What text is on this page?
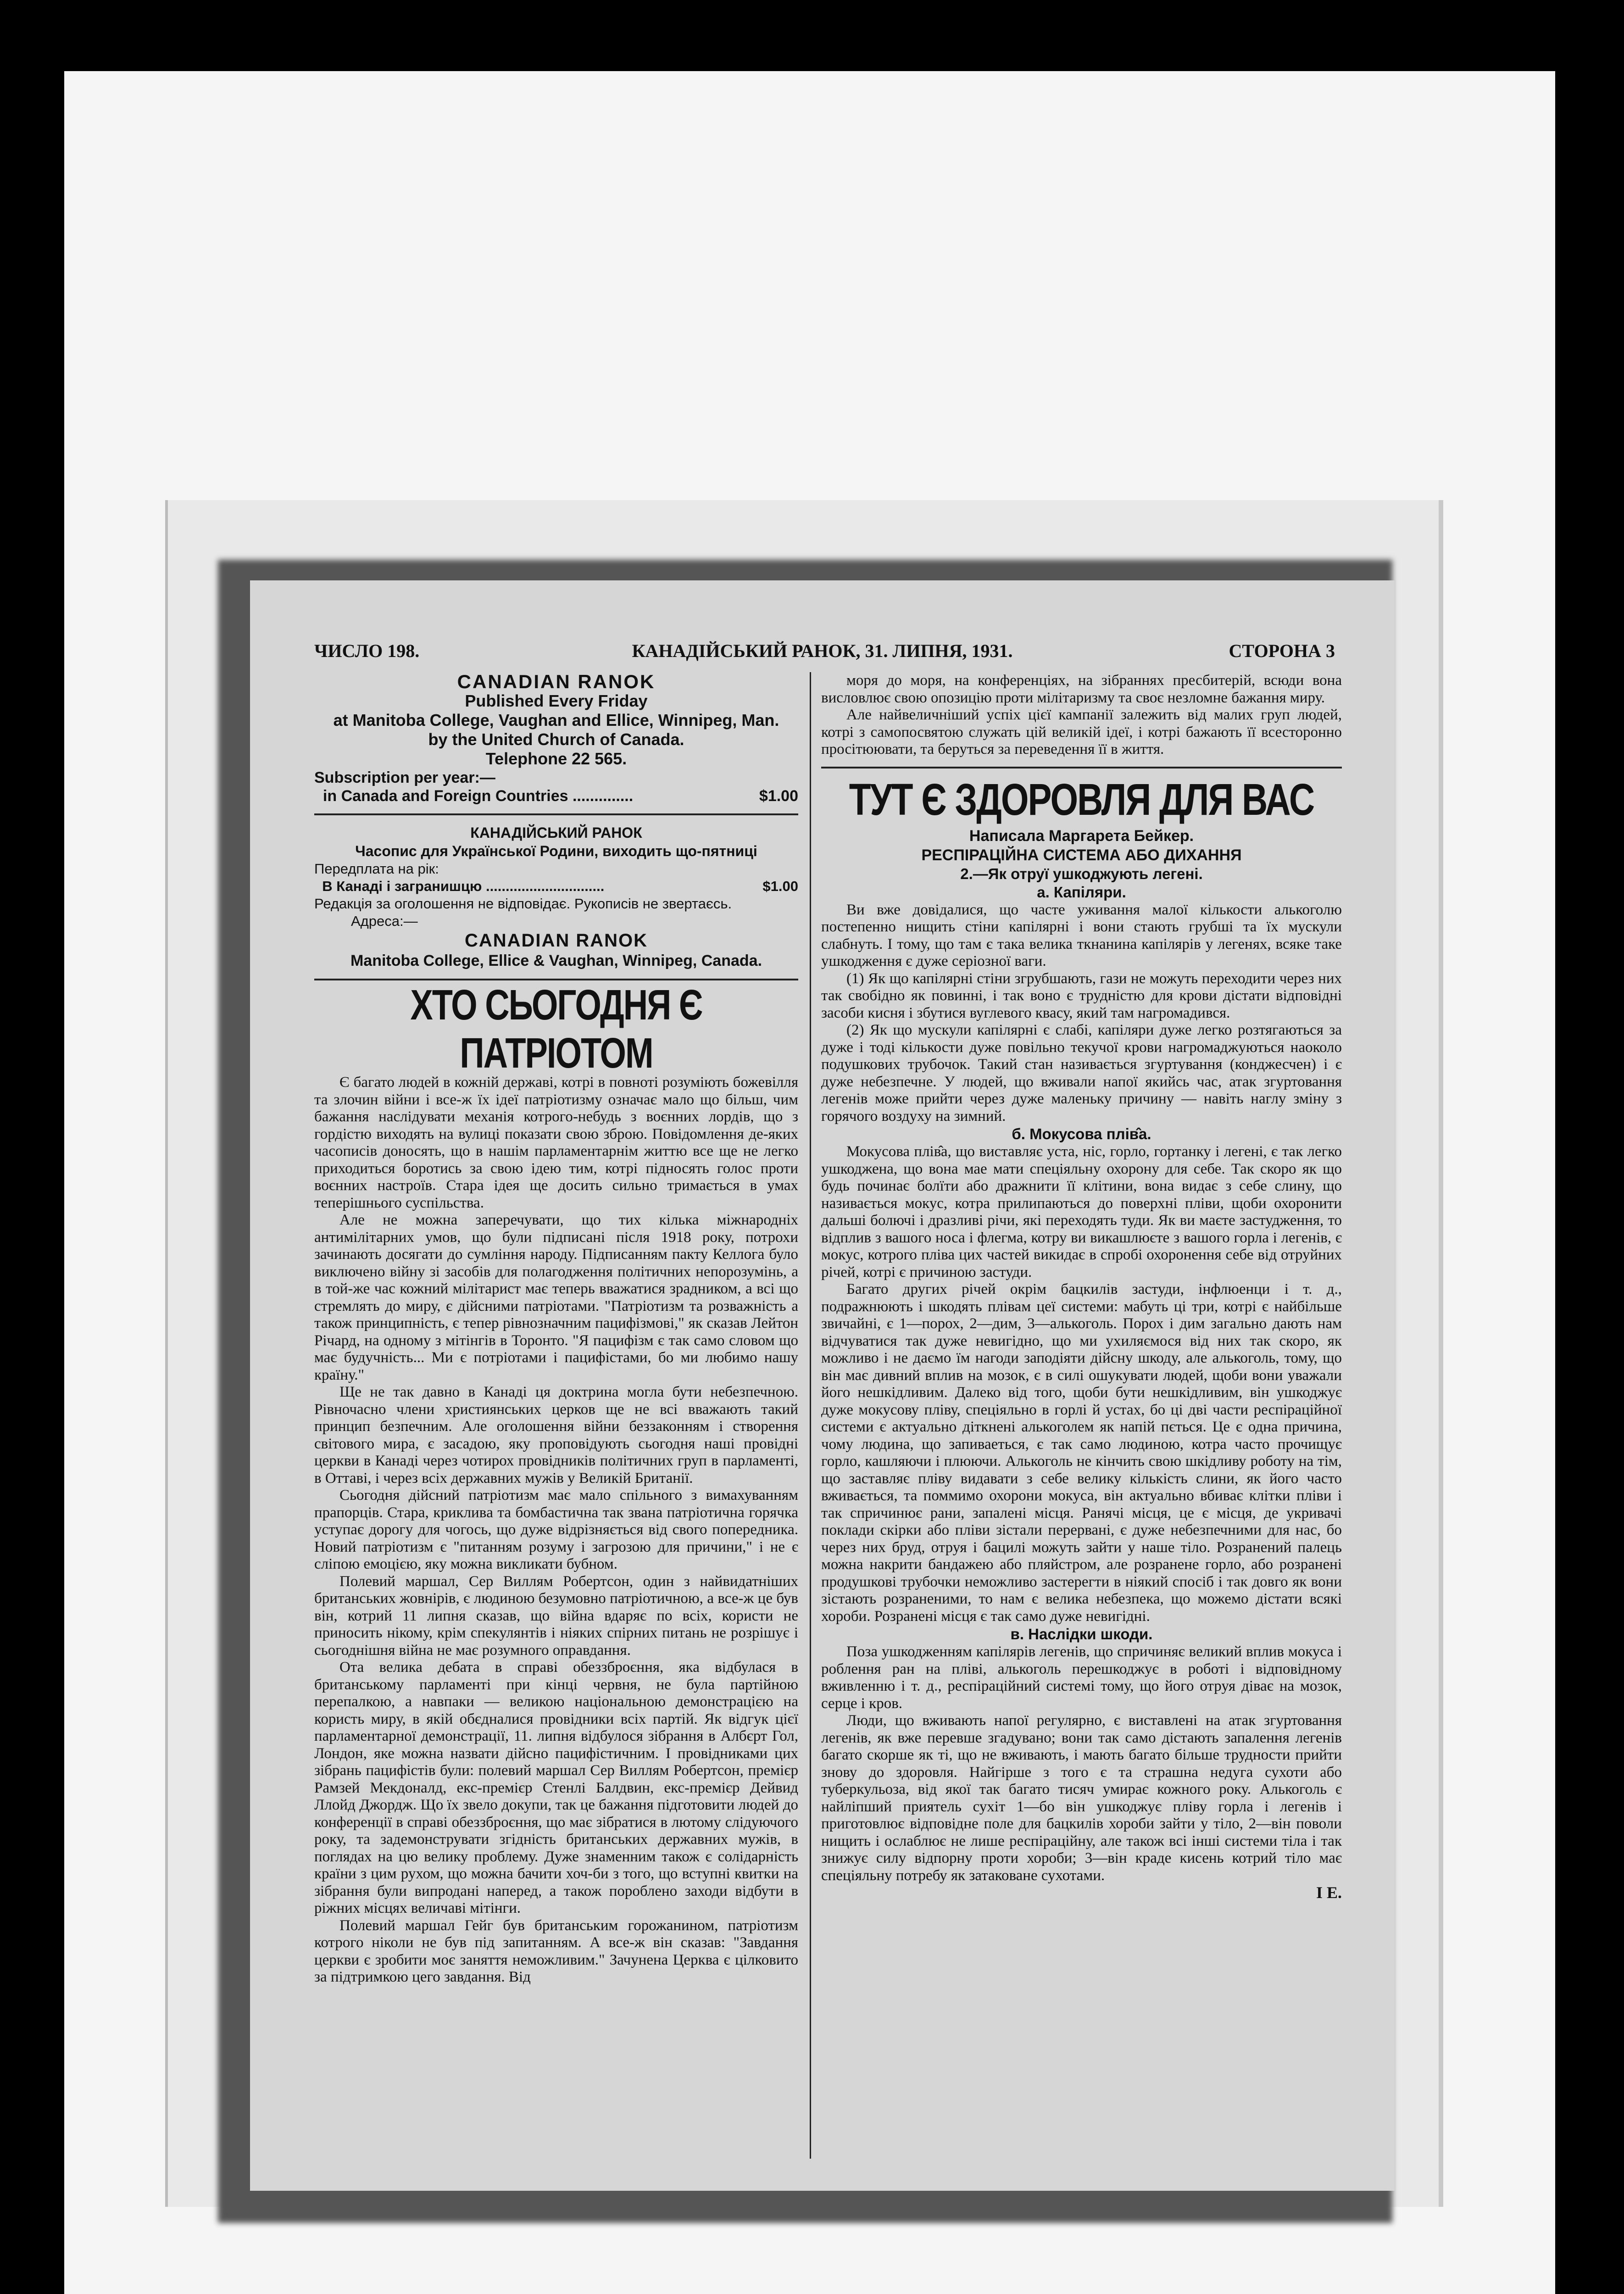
ЧИСЛО 198.	КАНАДІЙСЬКИЙ РАНОК, 31. ЛИПНЯ, 1931.	СТОРОНА 3
CANADIAN RANOK
Published Every Friday
at Manitoba College, Vaughan and Ellice, Winnipeg, Man.
by the United Church of Canada.
Telephone 22 565.
Subscription per year:—
in Canada and Foreign Countries ..............	$1.00
КАНАДІЙСЬКИЙ РАНОК
Часопис для Української Родини, виходить що-пятниці
Передплата на рік:
В Канаді і загранишцю ..............................	$1.00
Редакція за оголошення не відповідає. Рукописів не звертаєсь.
Адреса:—
CANADIAN RANOK
Manitoba College, Ellice & Vaughan, Winnipeg, Canada.
ХТО СЬОГОДНЯ Є ПАТРІОТОМ

Є багато людей в кожній державі, котрі в повноті розуміють божевілля та злочин війни і все-ж їх ідеї патріотизму означає мало що більш, чим бажання наслідувати механія котрого-небудь з воєнних лордів, що з гордістю виходять на вулиці показати свою зброю. Повідомлення де-яких часописів доносять, що в нашім парламентарнім життю все ще не легко приходиться боротись за свою ідею тим, котрі підносять голос проти воєнних настроїв. Стара ідея ще досить сильно тримається в умах теперішнього суспільства.

Але не можна заперечувати, що тих кілька міжнародніх антимілітарних умов, що були підписані після 1918 року, потрохи зачинають досягати до сумління народу. Підписанням пакту Келлога було виключено війну зі засобів для полагодження політичних непорозумінь, а в той-же час кожний мілітарист має теперь вважатися зрадником, а всі що стремлять до миру, є дійсними патріотами. "Патріотизм та розважність а також принципність, є тепер рівнозначним пацифізмові," як сказав Лейтон Річард, на одному з мітінгів в Торонто. "Я пацифізм є так само словом що має будучність... Ми є потріотами і пацифістами, бо ми любимо нашу країну."

Ще не так давно в Канаді ця доктрина могла бути небезпечною. Рівночасно члени християнських церков ще не всі вважають такий принцип безпечним. Але оголошення війни беззаконням і створення світового мира, є засадою, яку проповідують сьогодня наші провідні церкви в Канаді через чотирох провідників політичних груп в парламенті, в Оттаві, і через всіх державних мужів у Великій Британії.

Сьогодня дійсний патріотизм має мало спільного з вимахуванням прапорців. Стара, крикливa та бомбастична так звана патріотична горячка уступає дорогу для чогось, що дуже відрізняється від свого попередника. Новий патріотизм є "питанням розуму і загрозою для причини," і не є сліпою емоцією, яку можна викликати бубном.

Полевий маршал, Сер Виллям Робертсон, один з найвидатніших британських жовнірів, є людиною безумовно патріотичною, а все-ж це був він, котрий 11 липня сказав, що війна вдаряє по всіх, користи не приносить нікому, крім спекулянтів і ніяких спірних питань не розрішує і сьогоднішня війна не має розумного оправдання.

Ота велика дебата в справі обеззброєння, яка відбулася в британському парламенті при кінці червня, не була партійною перепалкою, а навпаки — великою національною демонстрацією на користь миру, в якій обєдналися провідники всіх партій. Як відгук цієї парламентарної демонстрації, 11. липня відбулося зібрання в Албєрт Гол, Лондон, яке можна назвати дійсно пацифістичним. І провідниками цих зібрань пацифістів були: полевий маршал Сер Виллям Робертсон, премієр Рамзей Мекдоналд, екс-премієр Стенлі Балдвин, екс-премієр Дейвид Ллойд Джордж. Що їх звело докупи, так це бажання підготовити людей до конференції в справі обеззброєння, що має зібратися в лютому слідуючого року, та задемонструвати згідність британських державних мужів, в поглядах на цю велику проблему. Дуже знаменним також є солідарність країни з цим рухом, що можна бачити хоч-би з того, що вступні квитки на зібрання були випродані наперед, а також пороблено заходи відбути в ріжних місцях величаві мітінги.

Полевий маршал Гейг був британським горожанином, патріотизм котрого ніколи не був під запитанням. А все-ж він сказав: "Завдання церкви є зробити моє заняття неможливим." Зачунена Церква є цілковито за підтримкою цего завдання. Від

моря до моря, на конференціях, на зібраннях пресбитерій, всюди вона висловлює свою опозицію проти мілітаризму та своє незломне бажання миру.

Але найвеличніший успіх цієї кампанії залежить від малих груп людей, котрі з самопосвятою служать цій великій ідеї, і котрі бажають її всесторонно просітюювати, та беруться за переведення її в життя.

ТУТ Є ЗДОРОВЛЯ ДЛЯ ВАС
Написала Маргарета Бейкер.
РЕСПІРАЦІЙНА СИСТЕМА АБО ДИХАННЯ
2.—Як отруї ушкоджують легені.
а. Капіляри.

Ви вже довідалися, що часте уживання малої кількости алькоголю постепенно нищить стіни капілярні і вони стають грубші та їх мускули слабнуть. І тому, що там є така велика ткнанина капілярів у легенях, всяке таке ушкодження є дуже серіозної ваги.

(1) Як що капілярні стіни згрубшають, гази не можуть переходити через них так свобідно як повинні, і так воно є трудністю для крови дістати відповідні засоби кисня і збутися вуглевого квасу, який там нагромадився.

(2) Як що мускули капілярні є слабі, капіляри дуже легко розтягаються за дуже і тоді кількости дуже повільно текучої крови нагромаджуються наоколо подушкових трубочок. Такий стан називається згуртування (конджесчен) і є дуже небезпечне. У людей, що вживали напої якийсь час, атак згуртовання легенів може прийти через дуже маленьку причину — навіть наглу зміну з горячого воздуху на зимний.

б. Мокусова плів̂а.

Мокусова плів̂а, що виставляє уста, ніс, горло, гортанку і легені, є так легко ушкоджена, що вона мае мати спеціяльну охорону для себе. Так скоро як що будь починає болїти або дражнити її клітини, вона видає з себе слину, що називається мокус, котра прилипаються до поверхні пліви, щоби охоронити дальші болючі і дразливі річи, які переходять туди. Як ви маєте застудження, то відплив з вашого носа і флегма, котру ви викашлюєте з вашого горла і легенів, є мокус, котрого пліва цих частей викидає в спробі охоронення себе від отруйних річей, котрі є причиною застуди.

Багато других річей окрім бацкилів застуди, інфлюенци і т. д., подражнюють і шкодять плівам цеї системи: мабуть ці три, котрі є найбільше звичайні, є 1—порох, 2—дим, 3—алькоголь. Порох і дим загально дають нам відчуватися так дуже невигідно, що ми ухиляємося від них так скоро, як можливо і не даємо їм нагоди заподіяти дійсну шкоду, але алькоголь, тому, що він має дивний вплив на мозок, є в силі ошукувати людей, щоби вони уважали його нешкідливим. Далеко від того, щоби бути нешкідливим, він ушкоджує дуже мокусову пліву, спеціяльно в горлі й устах, бо ці дві части респіраційної системи є актуально діткнені алькоголем як напій пється. Це є одна причина, чому людина, що запиваеться, є так само людиною, котра часто прочищує горло, кашляючи і плюючи. Алькоголь не кінчить свою шкідливу роботу на тім, що заставляє пліву видавати з себе велику кількість слини, як його часто вживається, та поммимо охорони мокуса, він актуально вбиває клітки пліви і так спричинює рани, запалені місця. Ранячі місця, це є місця, де укривачі поклади скірки або пліви зістали перервані, є дуже небезпечними для нас, бо через них бруд, отруя і бацилі можуть зайти у наше тіло. Розранений палець можна накрити бандажею або пляйстром, але розранене горло, або розранені продушкові трубочки неможливо застерегти в ніякий спосіб і так довго як вони зістають розраненими, то нам є велика небезпека, що можемо дістати всякі хороби. Розранені місця є так само дуже невигідні.

в. Наслідки шкоди.

Поза ушкодженням капілярів легенів, що спричиняє великий вплив мокуса і роблення ран на пліві, алькоголь перешкоджує в роботі і відповідному вживленню і т. д., респіраційний системі тому, що його отруя діває на мозок, серце і кров.

Люди, що вживають напої регулярно, є виставлені на атак згуртовання легенів, як вже перевше згадувано; вони так само дістають запалення легенів багато скорше як ті, що не вживають, і мають багато більше трудности прийти знову до здоровля. Найгірше з того є та страшна недуга сухоти або туберкульоза, від якої так багато тисяч умирає кожного року. Алькоголь є найліпший приятель сухіт 1—бо він ушкоджує пліву горла і легенів і приготовлює відповідне поле для бацкилів хороби зайти у тіло, 2—він поволи нищить і ослаблює не лише респіраційну, але також всі інші системи тіла і так знижує силу відпорну проти хороби; 3—він краде кисень котрий тілo має спеціяльну потребу як затаковане сухотами.

І Е.
